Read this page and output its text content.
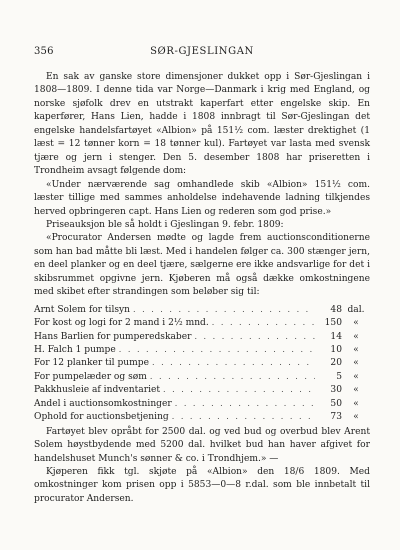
356	SØR-GJESLINGAN

En sak av ganske store dimensjoner dukket opp i Sør-Gjeslingan i 1808—1809. I denne tida var Norge—Danmark i krig med England, og norske sjøfolk drev en utstrakt kaperfart etter engelske skip. En kaperfører, Hans Lien, hadde i 1808 innbragt til Sør-Gjeslingan det engelske handelsfartøyet «Albion» på 151½ com. læster drektighet (1 læst = 12 tønner korn = 18 tønner kul). Fartøyet var lasta med svensk tjære og jern i stenger. Den 5. desember 1808 har priseretten i Trondheim avsagt følgende dom:

«Under nærværende sag omhandlede skib «Albion» 151½ com. læster tillige med sammes anholdelse indehavende ladning tilkjendes herved opbringeren capt. Hans Lien og rederen som god prise.»

Priseauksjon ble så holdt i Gjeslingan 9. febr. 1809:

«Procurator Andersen mødte og lagde frem auctionsconditionerne som han bad måtte bli læst. Med i handelen følger ca. 300 stænger jern, en deel planker og en deel tjære, sælgerne ere ikke andsvarlige for det i skibsrummet opgivne jern. Kjøberen må også dække omkostningene med skibet efter strandingen som beløber sig til:

Arnt Solem for tilsyn . . .	48 dal.
For kost og logi for 2 mand i 2½ mnd. . . .	150	«
Hans Barlien for pumperedskaber . . .	14	«
H. Falch 1 pumpe . . .	10	«
For 12 planker til pumpe . . .	20	«
For pumpelæder og søm . . .	5	«
Pakkhusleie af indventariet . . .	30	«
Andel i auctionsomkostninger . . .	50	«
Ophold for auctionsbetjening . . .	73	«

Fartøyet blev opråbt for 2500 dal. og ved bud og overbud blev Arent Solem høystbydende med 5200 dal. hvilket bud han haver afgivet for handelshuset Munch's sønner & co. i Trondhjem.» —

Kjøperen fikk tgl. skjøte på «Albion» den 18/6 1809. Med omkostninger kom prisen opp i 5853—0—8 r.dal. som ble innbetalt til procurator Andersen.
